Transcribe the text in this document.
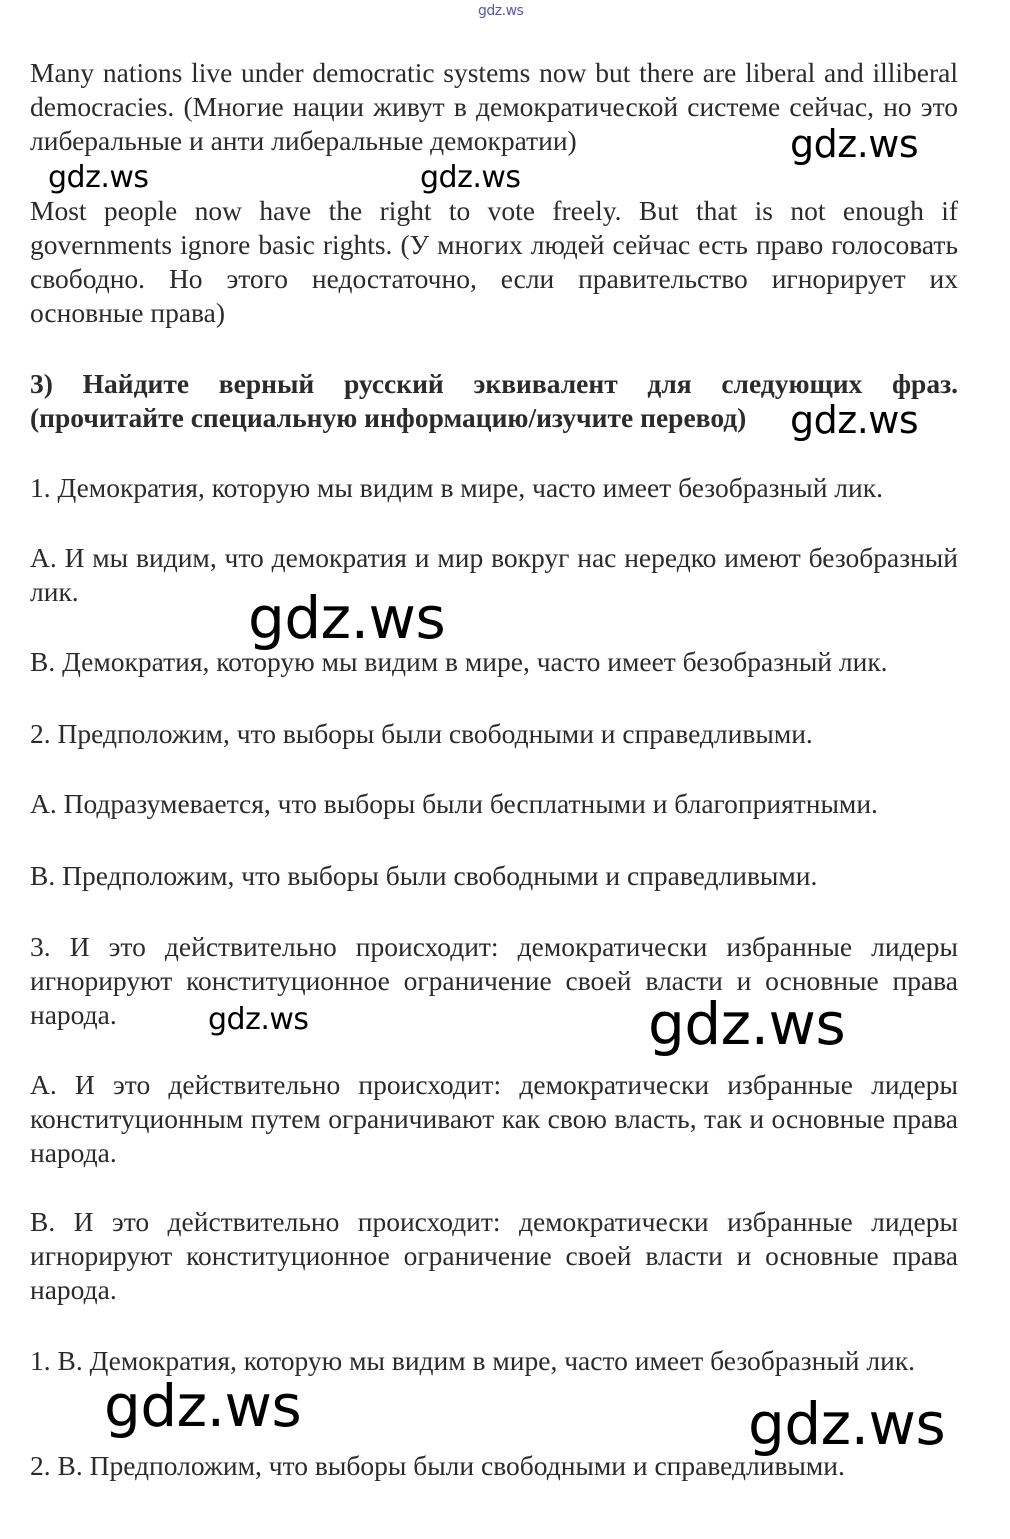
gdz.ws
Many nations live under democratic systems now but there are liberal and illiberal democracies. (Многие нации живут в демократической системе сейчас, но это либеральные и анти либеральные демократии)
Most people now have the right to vote freely. But that is not enough if governments ignore basic rights. (У многих людей сейчас есть право голосовать свободно. Но этого недостаточно, если правительство игнорирует их основные права)
3) Найдите верный русский эквивалент для следующих фраз. (прочитайте специальную информацию/изучите перевод)
1. Демократия, которую мы видим в мире, часто имеет безобразный лик.
А. И мы видим, что демократия и мир вокруг нас нередко имеют безобразный лик.
В. Демократия, которую мы видим в мире, часто имеет безобразный лик.
2. Предположим, что выборы были свободными и справедливыми.
А. Подразумевается, что выборы были бесплатными и благоприятными.
В. Предположим, что выборы были свободными и справедливыми.
3. И это действительно происходит: демократически избранные лидеры игнорируют конституционное ограничение своей власти и основные права народа.
А. И это действительно происходит: демократически избранные лидеры конституционным путем ограничивают как свою власть, так и основные права народа.
В. И это действительно происходит: демократически избранные лидеры игнорируют конституционное ограничение своей власти и основные права народа.
1. В. Демократия, которую мы видим в мире, часто имеет безобразный лик.
2. В. Предположим, что выборы были свободными и справедливыми.
gdz.ws
gdz.ws	gdz.ws
gdz.ws
gdz.ws
gdz.ws	gdz.ws
gdz.ws	gdz.ws
